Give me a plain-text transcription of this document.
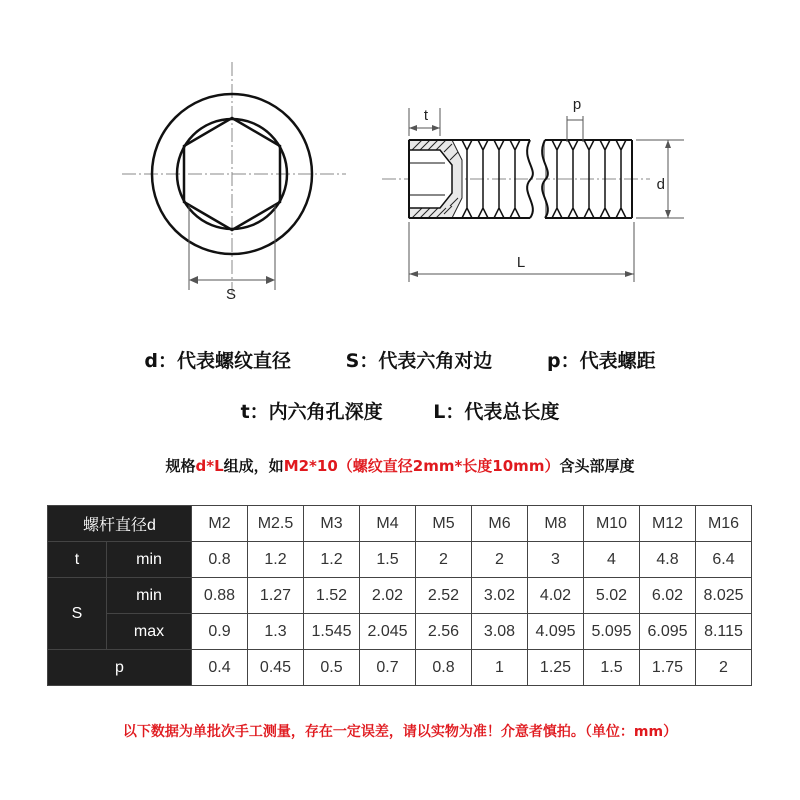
S
t
p
d
L
d：代表螺纹直径	S：代表六角对边	p：代表螺距
t：内六角孔深度	L：代表总长度
规格d*L组成，如M2*10（螺纹直径2mm*长度10mm）含头部厚度
螺杆直径d		M2	M2.5	M3	M4	M5	M6	M8	M10	M12	M16
t	min	0.8	1.2	1.2	1.5	2	2	3	4	4.8	6.4
S	min	0.88	1.27	1.52	2.02	2.52	3.02	4.02	5.02	6.02	8.025
	max	0.9	1.3	1.545	2.045	2.56	3.08	4.095	5.095	6.095	8.115
p		0.4	0.45	0.5	0.7	0.8	1	1.25	1.5	1.75	2
以下数据为单批次手工测量，存在一定误差，请以实物为准！介意者慎拍。（单位：mm）
